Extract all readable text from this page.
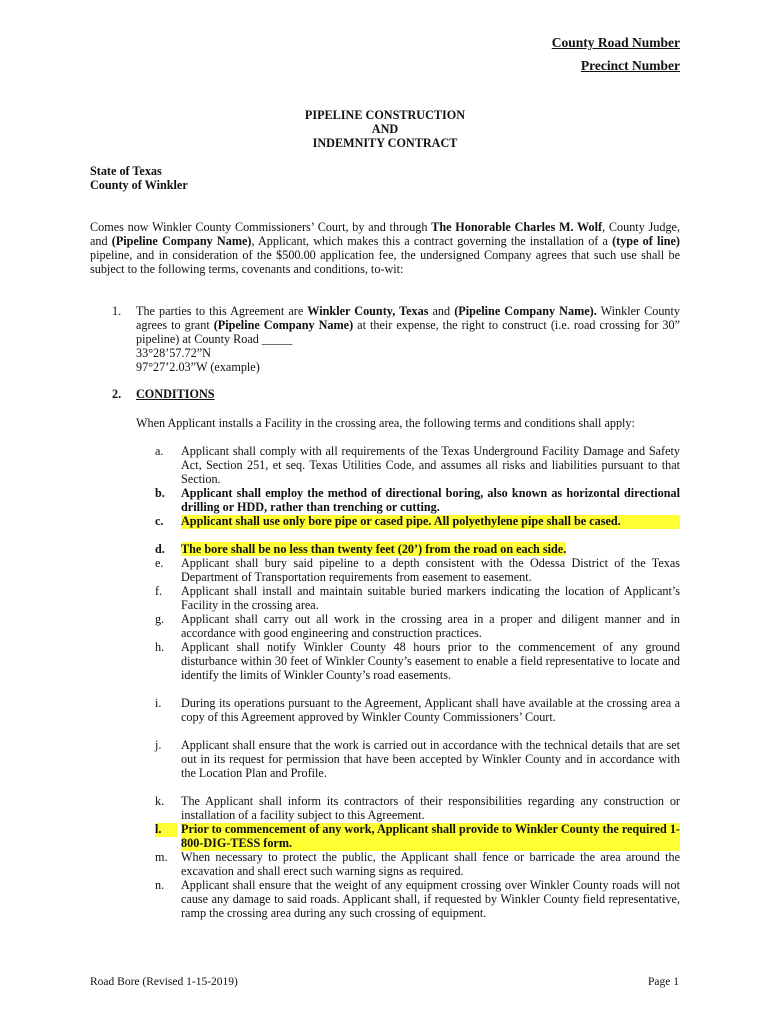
County Road Number
Precinct Number
PIPELINE CONSTRUCTION
AND
INDEMNITY CONTRACT
State of Texas
County of Winkler
Comes now Winkler County Commissioners’ Court, by and through The Honorable Charles M. Wolf, County Judge, and (Pipeline Company Name), Applicant, which makes this a contract governing the installation of a (type of line) pipeline, and in consideration of the $500.00 application fee, the undersigned Company agrees that such use shall be subject to the following terms, covenants and conditions, to-wit:
1. The parties to this Agreement are Winkler County, Texas and (Pipeline Company Name). Winkler County agrees to grant (Pipeline Company Name) at their expense, the right to construct (i.e. road crossing for 30” pipeline) at County Road _____
33°28’57.72”N
97°27’2.03”W (example)
2. CONDITIONS
When Applicant installs a Facility in the crossing area, the following terms and conditions shall apply:
a.	Applicant shall comply with all requirements of the Texas Underground Facility Damage and Safety Act, Section 251, et seq. Texas Utilities Code, and assumes all risks and liabilities pursuant to that Section.
b.	Applicant shall employ the method of directional boring, also known as horizontal directional drilling or HDD, rather than trenching or cutting.
c.	Applicant shall use only bore pipe or cased pipe. All polyethylene pipe shall be cased.
d.	The bore shall be no less than twenty feet (20’) from the road on each side.
e.	Applicant shall bury said pipeline to a depth consistent with the Odessa District of the Texas Department of Transportation requirements from easement to easement.
f.	Applicant shall install and maintain suitable buried markers indicating the location of Applicant’s Facility in the crossing area.
g.	Applicant shall carry out all work in the crossing area in a proper and diligent manner and in accordance with good engineering and construction practices.
h.	Applicant shall notify Winkler County 48 hours prior to the commencement of any ground disturbance within 30 feet of Winkler County’s easement to enable a field representative to locate and identify the limits of Winkler County’s road easements.
i.	During its operations pursuant to the Agreement, Applicant shall have available at the crossing area a copy of this Agreement approved by Winkler County Commissioners’ Court.
j.	Applicant shall ensure that the work is carried out in accordance with the technical details that are set out in its request for permission that have been accepted by Winkler County and in accordance with the Location Plan and Profile.
k.	The Applicant shall inform its contractors of their responsibilities regarding any construction or installation of a facility subject to this Agreement.
l.	Prior to commencement of any work, Applicant shall provide to Winkler County the required 1-800-DIG-TESS form.
m.	When necessary to protect the public, the Applicant shall fence or barricade the area around the excavation and shall erect such warning signs as required.
n.	Applicant shall ensure that the weight of any equipment crossing over Winkler County roads will not cause any damage to said roads. Applicant shall, if requested by Winkler County field representative, ramp the crossing area during any such crossing of equipment.
Road Bore (Revised 1-15-2019)	Page 1
